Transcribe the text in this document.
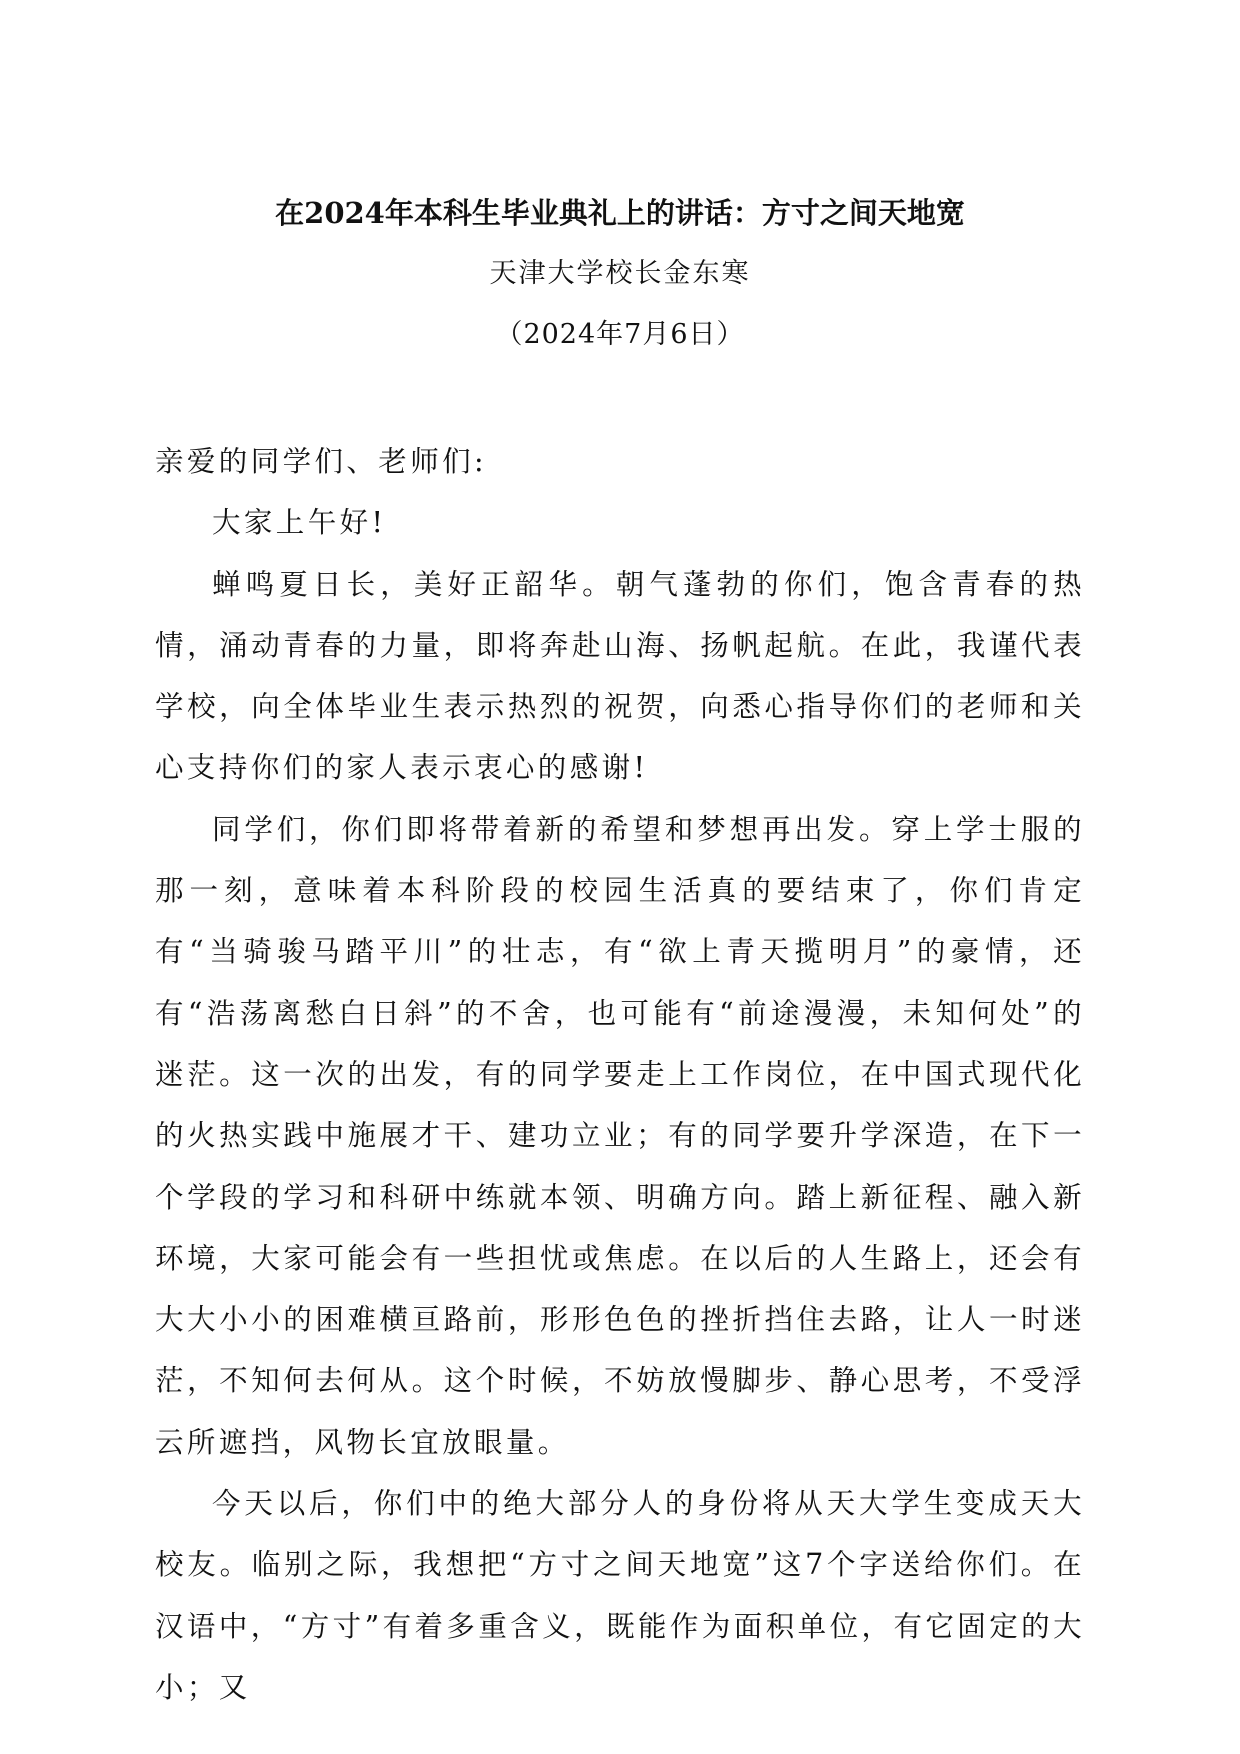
在2024年本科生毕业典礼上的讲话：方寸之间天地宽
天津大学校长金东寒
（2024年7月6日）

亲爱的同学们、老师们:

大家上午好!

蝉鸣夏日长，美好正韶华。朝气蓬勃的你们，饱含青春的热情，涌动青春的力量，即将奔赴山海、扬帆起航。在此，我谨代表学校，向全体毕业生表示热烈的祝贺，向悉心指导你们的老师和关心支持你们的家人表示衷心的感谢!

同学们，你们即将带着新的希望和梦想再出发。穿上学士服的那一刻，意味着本科阶段的校园生活真的要结束了，你们肯定有“当骑骏马踏平川”的壮志，有“欲上青天揽明月”的豪情，还有“浩荡离愁白日斜”的不舍，也可能有“前途漫漫，未知何处”的迷茫。这一次的出发，有的同学要走上工作岗位，在中国式现代化的火热实践中施展才干、建功立业；有的同学要升学深造，在下一个学段的学习和科研中练就本领、明确方向。踏上新征程、融入新环境，大家可能会有一些担忧或焦虑。在以后的人生路上，还会有大大小小的困难横亘路前，形形色色的挫折挡住去路，让人一时迷茫，不知何去何从。这个时候，不妨放慢脚步、静心思考，不受浮云所遮挡，风物长宜放眼量。

今天以后，你们中的绝大部分人的身份将从天大学生变成天大校友。临别之际，我想把“方寸之间天地宽”这7个字送给你们。在汉语中，“方寸”有着多重含义，既能作为面积单位，有它固定的大小；又
